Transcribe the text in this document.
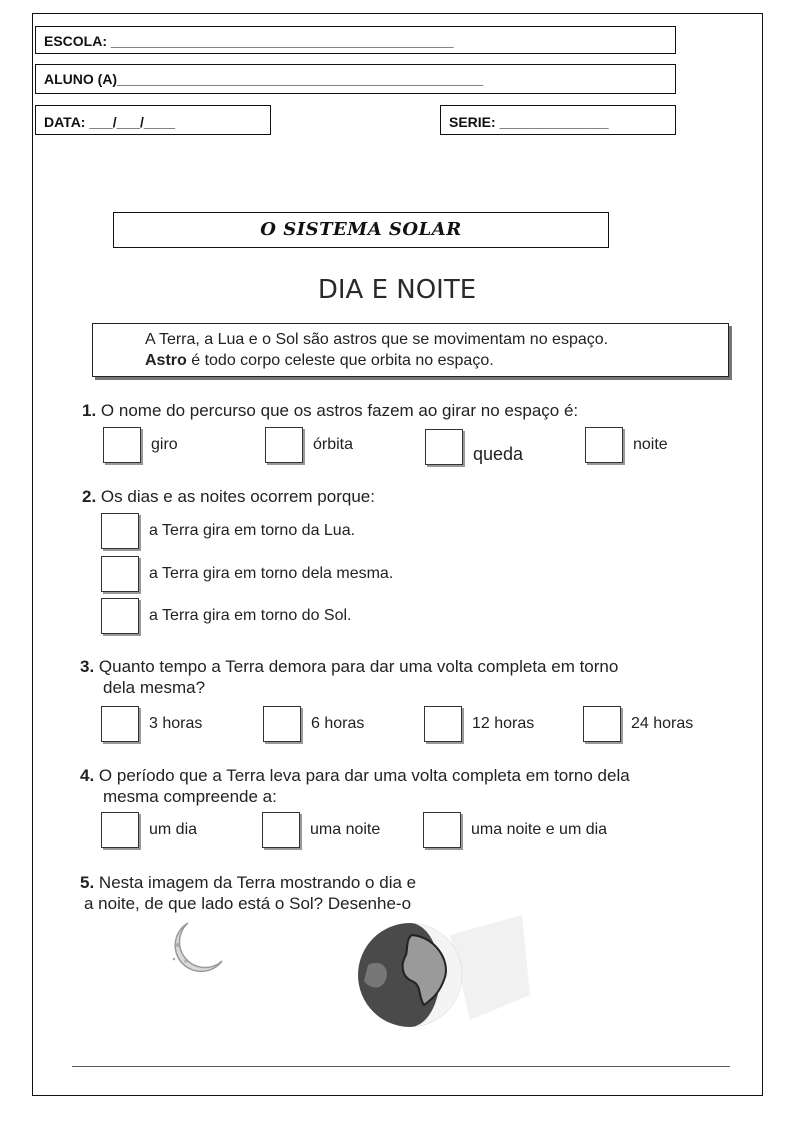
ESCOLA: ____________________________________________
ALUNO (A)_______________________________________________
DATA: ___/___/____	SERIE: ______________
O SISTEMA SOLAR
DIA E NOITE
A Terra, a Lua e o Sol são astros que se movimentam no espaço.
Astro é todo corpo celeste que orbita no espaço.
1. O nome do percurso que os astros fazem ao girar no espaço é:
giro	órbita	queda	noite
2. Os dias e as noites ocorrem porque:
a Terra gira em torno da Lua.
a Terra gira em torno dela mesma.
a Terra gira em torno do Sol.
3. Quanto tempo a Terra demora para dar uma volta completa em torno
dela mesma?
3 horas	6 horas	12 horas	24 horas
4. O período que a Terra leva para dar uma volta completa em torno dela
mesma compreende a:
um dia	uma noite	uma noite e um dia
5. Nesta imagem da Terra mostrando o dia e
a noite, de que lado está o Sol? Desenhe-o
